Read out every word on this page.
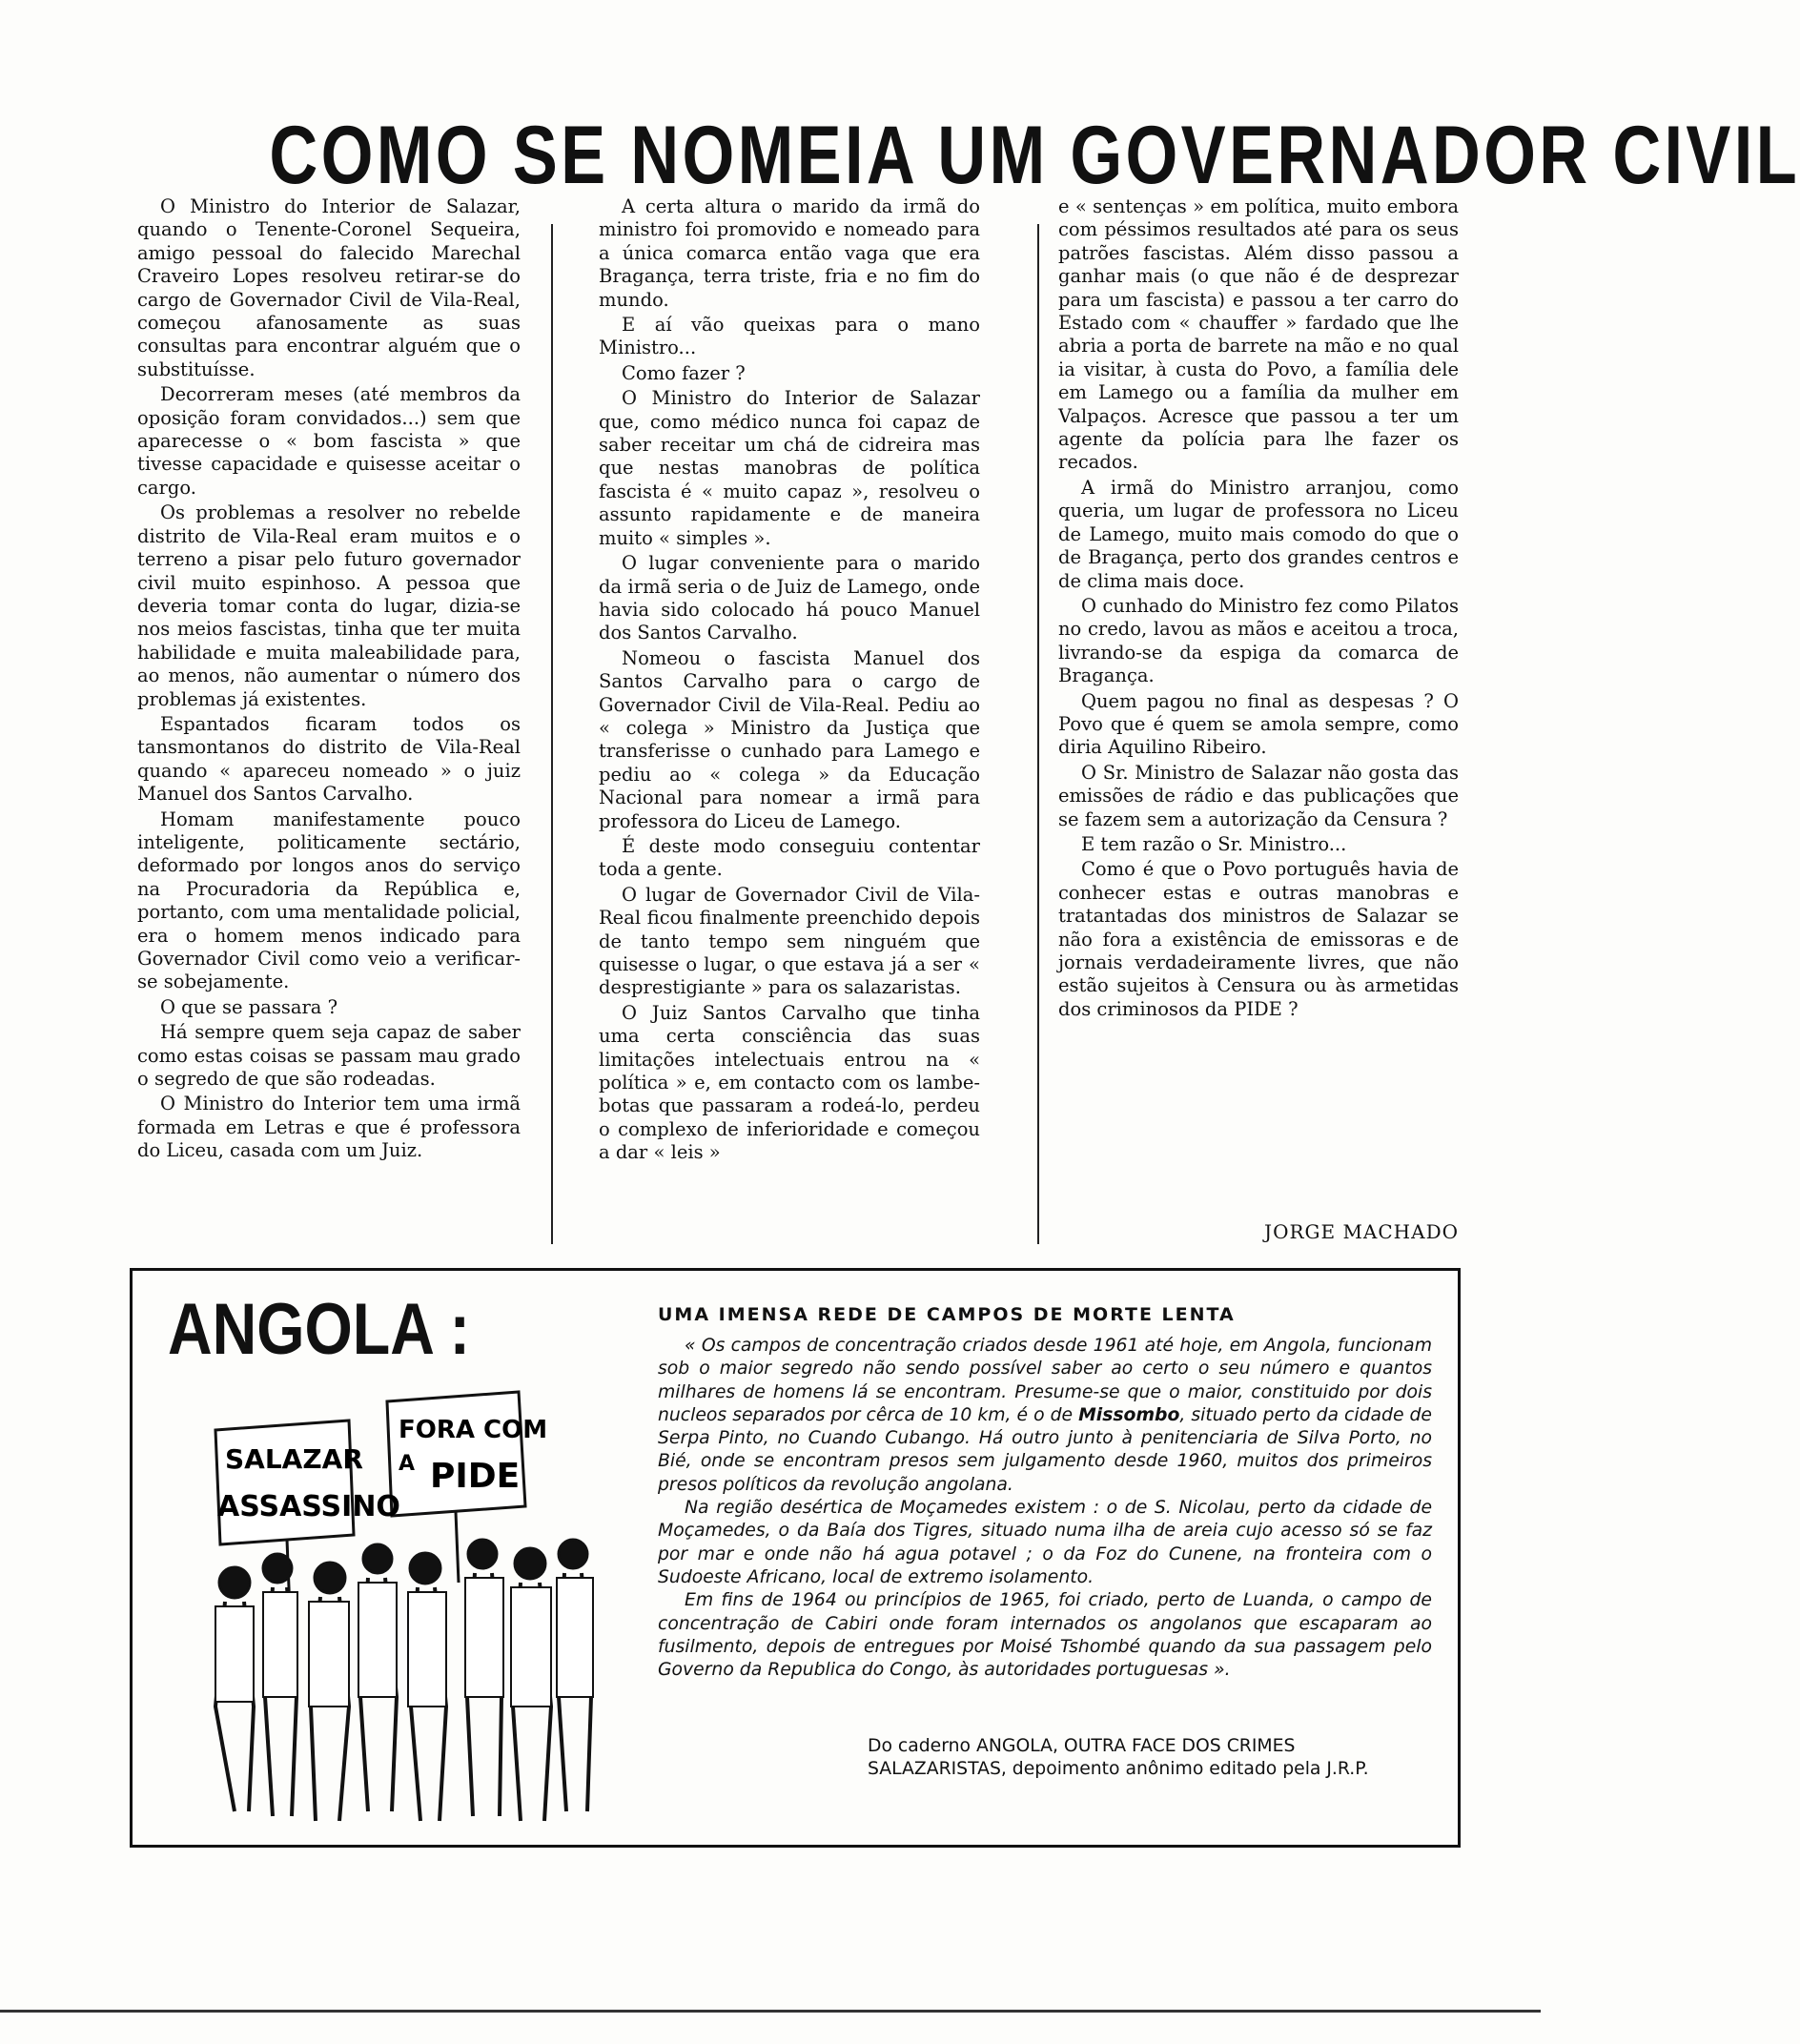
COMO SE NOMEIA UM GOVERNADOR CIVIL

O Ministro do Interior de Salazar, quando o Tenente-Coronel Sequeira, amigo pessoal do falecido Marechal Craveiro Lopes resolveu retirar-se do cargo de Governador Civil de Vila-Real, começou afanosamente as suas consultas para encontrar alguém que o substituísse.

Decorreram meses (até membros da oposição foram convidados...) sem que aparecesse o « bom fascista » que tivesse capacidade e quisesse aceitar o cargo.

Os problemas a resolver no rebelde distrito de Vila-Real eram muitos e o terreno a pisar pelo futuro governador civil muito espinhoso. A pessoa que deveria tomar conta do lugar, dizia-se nos meios fascistas, tinha que ter muita habilidade e muita maleabilidade para, ao menos, não aumentar o número dos problemas já existentes.

Espantados ficaram todos os tansmontanos do distrito de Vila-Real quando « apareceu nomeado » o juiz Manuel dos Santos Carvalho.

Homam manifestamente pouco inteligente, politicamente sectário, deformado por longos anos do serviço na Procuradoria da República e, portanto, com uma mentalidade policial, era o homem menos indicado para Governador Civil como veio a verificar-se sobejamente.

O que se passara ?

Há sempre quem seja capaz de saber como estas coisas se passam mau grado o segredo de que são rodeadas.

O Ministro do Interior tem uma irmã formada em Letras e que é professora do Liceu, casada com um Juiz.

A certa altura o marido da irmã do ministro foi promovido e nomeado para a única comarca então vaga que era Bragança, terra triste, fria e no fim do mundo.

E aí vão queixas para o mano Ministro...

Como fazer ?

O Ministro do Interior de Salazar que, como médico nunca foi capaz de saber receitar um chá de cidreira mas que nestas manobras de política fascista é « muito capaz », resolveu o assunto rapidamente e de maneira muito « simples ».

O lugar conveniente para o marido da irmã seria o de Juiz de Lamego, onde havia sido colocado há pouco Manuel dos Santos Carvalho.

Nomeou o fascista Manuel dos Santos Carvalho para o cargo de Governador Civil de Vila-Real. Pediu ao « colega » Ministro da Justiça que transferisse o cunhado para Lamego e pediu ao « colega » da Educação Nacional para nomear a irmã para professora do Liceu de Lamego.

É deste modo conseguiu contentar toda a gente.

O lugar de Governador Civil de Vila-Real ficou finalmente preenchido depois de tanto tempo sem ninguém que quisesse o lugar, o que estava já a ser « desprestigiante » para os salazaristas.

O Juiz Santos Carvalho que tinha uma certa consciência das suas limitações intelectuais entrou na « política » e, em contacto com os lambe-botas que passaram a rodeá-lo, perdeu o complexo de inferioridade e começou a dar « leis »

e « sentenças » em política, muito embora com péssimos resultados até para os seus patrões fascistas. Além disso passou a ganhar mais (o que não é de desprezar para um fascista) e passou a ter carro do Estado com « chauffer » fardado que lhe abria a porta de barrete na mão e no qual ia visitar, à custa do Povo, a família dele em Lamego ou a família da mulher em Valpaços. Acresce que passou a ter um agente da polícia para lhe fazer os recados.

A irmã do Ministro arranjou, como queria, um lugar de professora no Liceu de Lamego, muito mais comodo do que o de Bragança, perto dos grandes centros e de clima mais doce.

O cunhado do Ministro fez como Pilatos no credo, lavou as mãos e aceitou a troca, livrando-se da espiga da comarca de Bragança.

Quem pagou no final as despesas ? O Povo que é quem se amola sempre, como diria Aquilino Ribeiro.

O Sr. Ministro de Salazar não gosta das emissões de rádio e das publicações que se fazem sem a autorização da Censura ?

E tem razão o Sr. Ministro...

Como é que o Povo português havia de conhecer estas e outras manobras e tratantadas dos ministros de Salazar se não fora a existência de emissoras e de jornais verdadeiramente livres, que não estão sujeitos à Censura ou às armetidas dos criminosos da PIDE ?

JORGE MACHADO
ANGOLA :
SALAZAR
ASSASSINO
FORA COM
A PIDE
UMA IMENSA REDE DE CAMPOS DE MORTE LENTA

« Os campos de concentração criados desde 1961 até hoje, em Angola, funcionam sob o maior segredo não sendo possível saber ao certo o seu número e quantos milhares de homens lá se encontram. Presume-se que o maior, constituido por dois nucleos separados por cêrca de 10 km, é o de Missombo, situado perto da cidade de Serpa Pinto, no Cuando Cubango. Há outro junto à penitenciaria de Silva Porto, no Bié, onde se encontram presos sem julgamento desde 1960, muitos dos primeiros presos políticos da revolução angolana.

Na região desértica de Moçamedes existem : o de S. Nicolau, perto da cidade de Moçamedes, o da Baía dos Tigres, situado numa ilha de areia cujo acesso só se faz por mar e onde não há agua potavel ; o da Foz do Cunene, na fronteira com o Sudoeste Africano, local de extremo isolamento.

Em fins de 1964 ou princípios de 1965, foi criado, perto de Luanda, o campo de concentração de Cabiri onde foram internados os angolanos que escaparam ao fusilmento, depois de entregues por Moisé Tshombé quando da sua passagem pelo Governo da Republica do Congo, às autoridades portuguesas ».

Do caderno ANGOLA, OUTRA FACE DOS CRIMES SALAZARISTAS, depoimento anônimo editado pela J.R.P.
